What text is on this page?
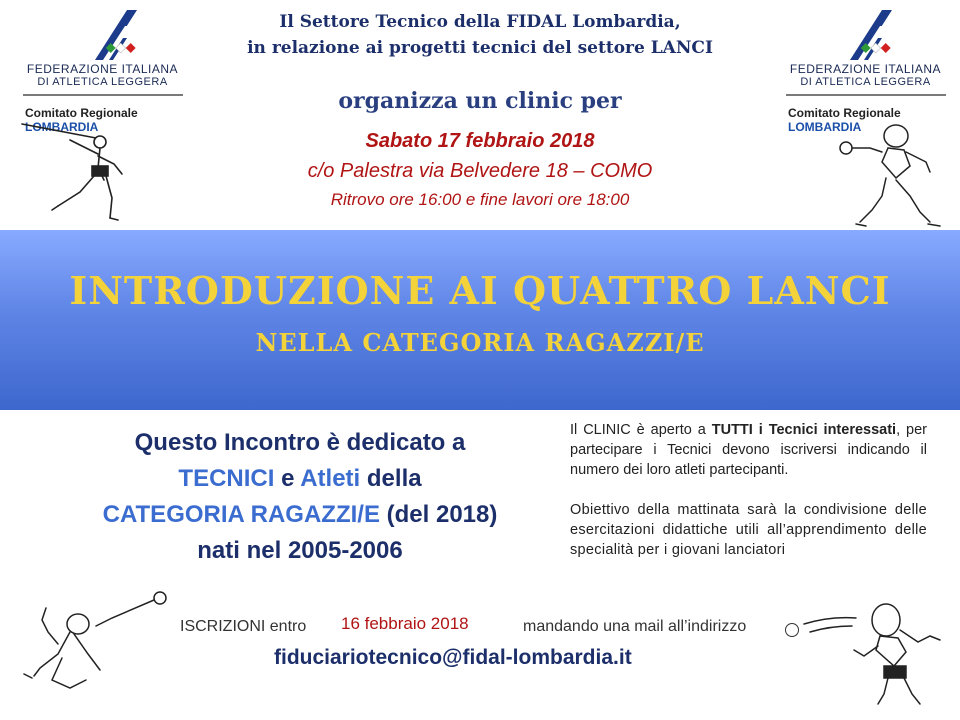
FEDERAZIONE ITALIANA
DI ATLETICA LEGGERA
Comitato Regionale LOMBARDIA
FEDERAZIONE ITALIANA
DI ATLETICA LEGGERA
Comitato Regionale LOMBARDIA
Il Settore Tecnico della FIDAL Lombardia,
in relazione ai progetti tecnici del settore LANCI
organizza un clinic per
Sabato 17 febbraio 2018
c/o Palestra via Belvedere 18 – COMO
Ritrovo ore 16:00 e fine lavori ore 18:00
INTRODUZIONE AI QUATTRO LANCI
NELLA CATEGORIA RAGAZZI/E
Questo Incontro è dedicato a
TECNICI e Atleti della
CATEGORIA RAGAZZI/E (del 2018)
nati nel 2005-2006

Il CLINIC è aperto a TUTTI i Tecnici interessati, per partecipare i Tecnici devono iscriversi indicando il numero dei loro atleti partecipanti.

Obiettivo della mattinata sarà la condivisione delle esercitazioni didattiche utili all’apprendimento delle specialità per i giovani lanciatori

ISCRIZIONI entro 16 febbraio 2018	mandando una mail all’indirizzo
fiduciariotecnico@fidal-lombardia.it
